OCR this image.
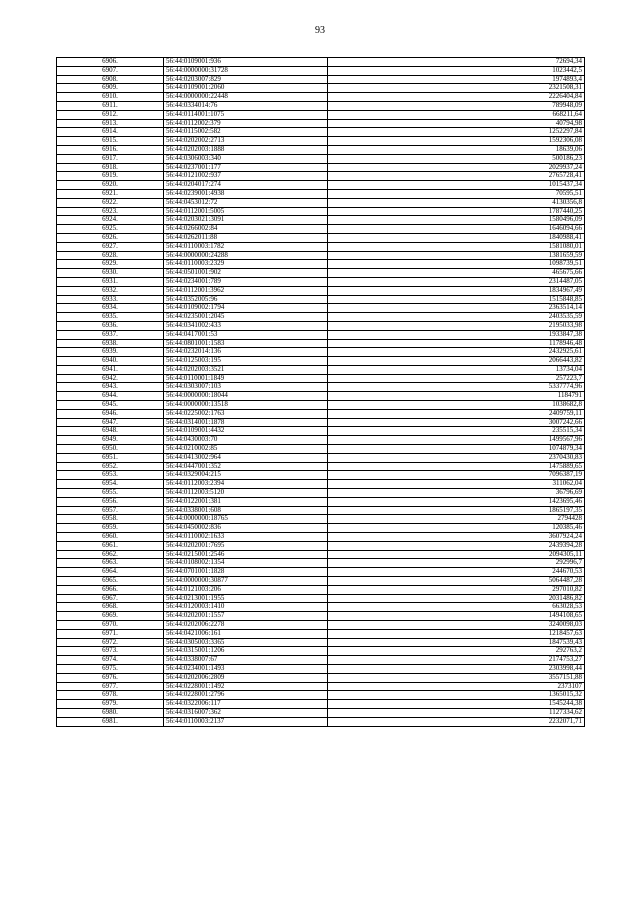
93
6906.	56:44:0109001:936	72694,34
6907.	56:44:0000000:31728	1023442,5
6908.	56:44:0203007:829	1974893,4
6909.	56:44:0109001:2060	2321508,31
6910.	56:44:0000000:22448	2226404,84
6911.	56:44:0334014:76	789948,09
6912.	56:44:0114001:1075	668211,64
6913.	56:44:0112002:379	40794,98
6914.	56:44:0115002:582	1252297,84
6915.	56:44:0202002:2713	1592306,08
6916.	56:44:0202003:1888	18639,06
6917.	56:44:0306003:340	500186,23
6918.	56:44:0237001:177	2029937,24
6919.	56:44:0121002:937	2765728,41
6920.	56:44:0204017:274	1015437,34
6921.	56:44:0239001:4938	70595,51
6922.	56:44:0453012:72	4130356,8
6923.	56:44:0112001:5005	1787440,25
6924.	56:44:0203021:3091	1580496,09
6925.	56:44:0266002:84	1646094,66
6926.	56:44:0262011:88	1840988,41
6927.	56:44:0110003:1782	1581080,01
6928.	56:44:0000000:24288	1381659,59
6929.	56:44:0110003:2329	1098739,51
6930.	56:44:0501001:902	465675,66
6931.	56:44:0234001:789	2314487,05
6932.	56:44:0112001:3962	1834967,49
6933.	56:44:0352005:96	1515848,85
6934.	56:44:0109002:1794	2363514,14
6935.	56:44:0235001:2045	2403535,59
6936.	56:44:0341002:433	2195033,98
6937.	56:44:0417001:53	1933847,38
6938.	56:44:0801001:1583	1178946,48
6939.	56:44:0232014:136	2432925,61
6940.	56:44:0125003:195	2066443,82
6941.	56:44:0202003:3521	13734,04
6942.	56:44:0110001:1849	257223,7
6943.	56:44:0303007:103	5337774,96
6944.	56:44:0000000:18044	1184791
6945.	56:44:0000000:13518	1038682,8
6946.	56:44:0225002:1763	2409759,11
6947.	56:44:0314001:1878	3007242,66
6948.	56:44:0109001:4432	235515,34
6949.	56:44:0430003:70	1499567,96
6950.	56:44:0210002:85	1074879,34
6951.	56:44:0413002:964	2370430,83
6952.	56:44:0447001:352	1475889,65
6953.	56:44:0329004:215	7096387,19
6954.	56:44:0112003:2394	311062,04
6955.	56:44:0112003:5120	36796,69
6956.	56:44:0122001:381	1423695,46
6957.	56:44:0338001:608	1865197,35
6958.	56:44:0000000:18765	2794428
6959.	56:44:0450002:836	120385,46
6960.	56:44:0110002:1633	3607924,24
6961.	56:44:0202001:7695	2439394,28
6962.	56:44:0215001:2546	2094305,11
6963.	56:44:0108002:1354	292996,7
6964.	56:44:0701001:1828	244670,53
6965.	56:44:0000000:30877	5064487,28
6966.	56:44:0121003:206	297010,82
6967.	56:44:0213001:1955	2031486,82
6968.	56:44:0120003:1410	663028,53
6969.	56:44:0202001:1557	1494108,65
6970.	56:44:0202006:2278	3240098,03
6971.	56:44:0421006:161	1218457,63
6972.	56:44:0305003:3365	1847539,43
6973.	56:44:0315001:1206	292763,2
6974.	56:44:0338007:67	2174753,27
6975.	56:44:0234001:1493	2303998,44
6976.	56:44:0202006:2809	3557151,88
6977.	56:44:0228001:1492	2373107
6978.	56:44:0228001:2796	1365015,32
6979.	56:44:0322006:117	1545244,38
6980.	56:44:0316007:362	1127334,62
6981.	56:44:0110003:2137	2232071,71
